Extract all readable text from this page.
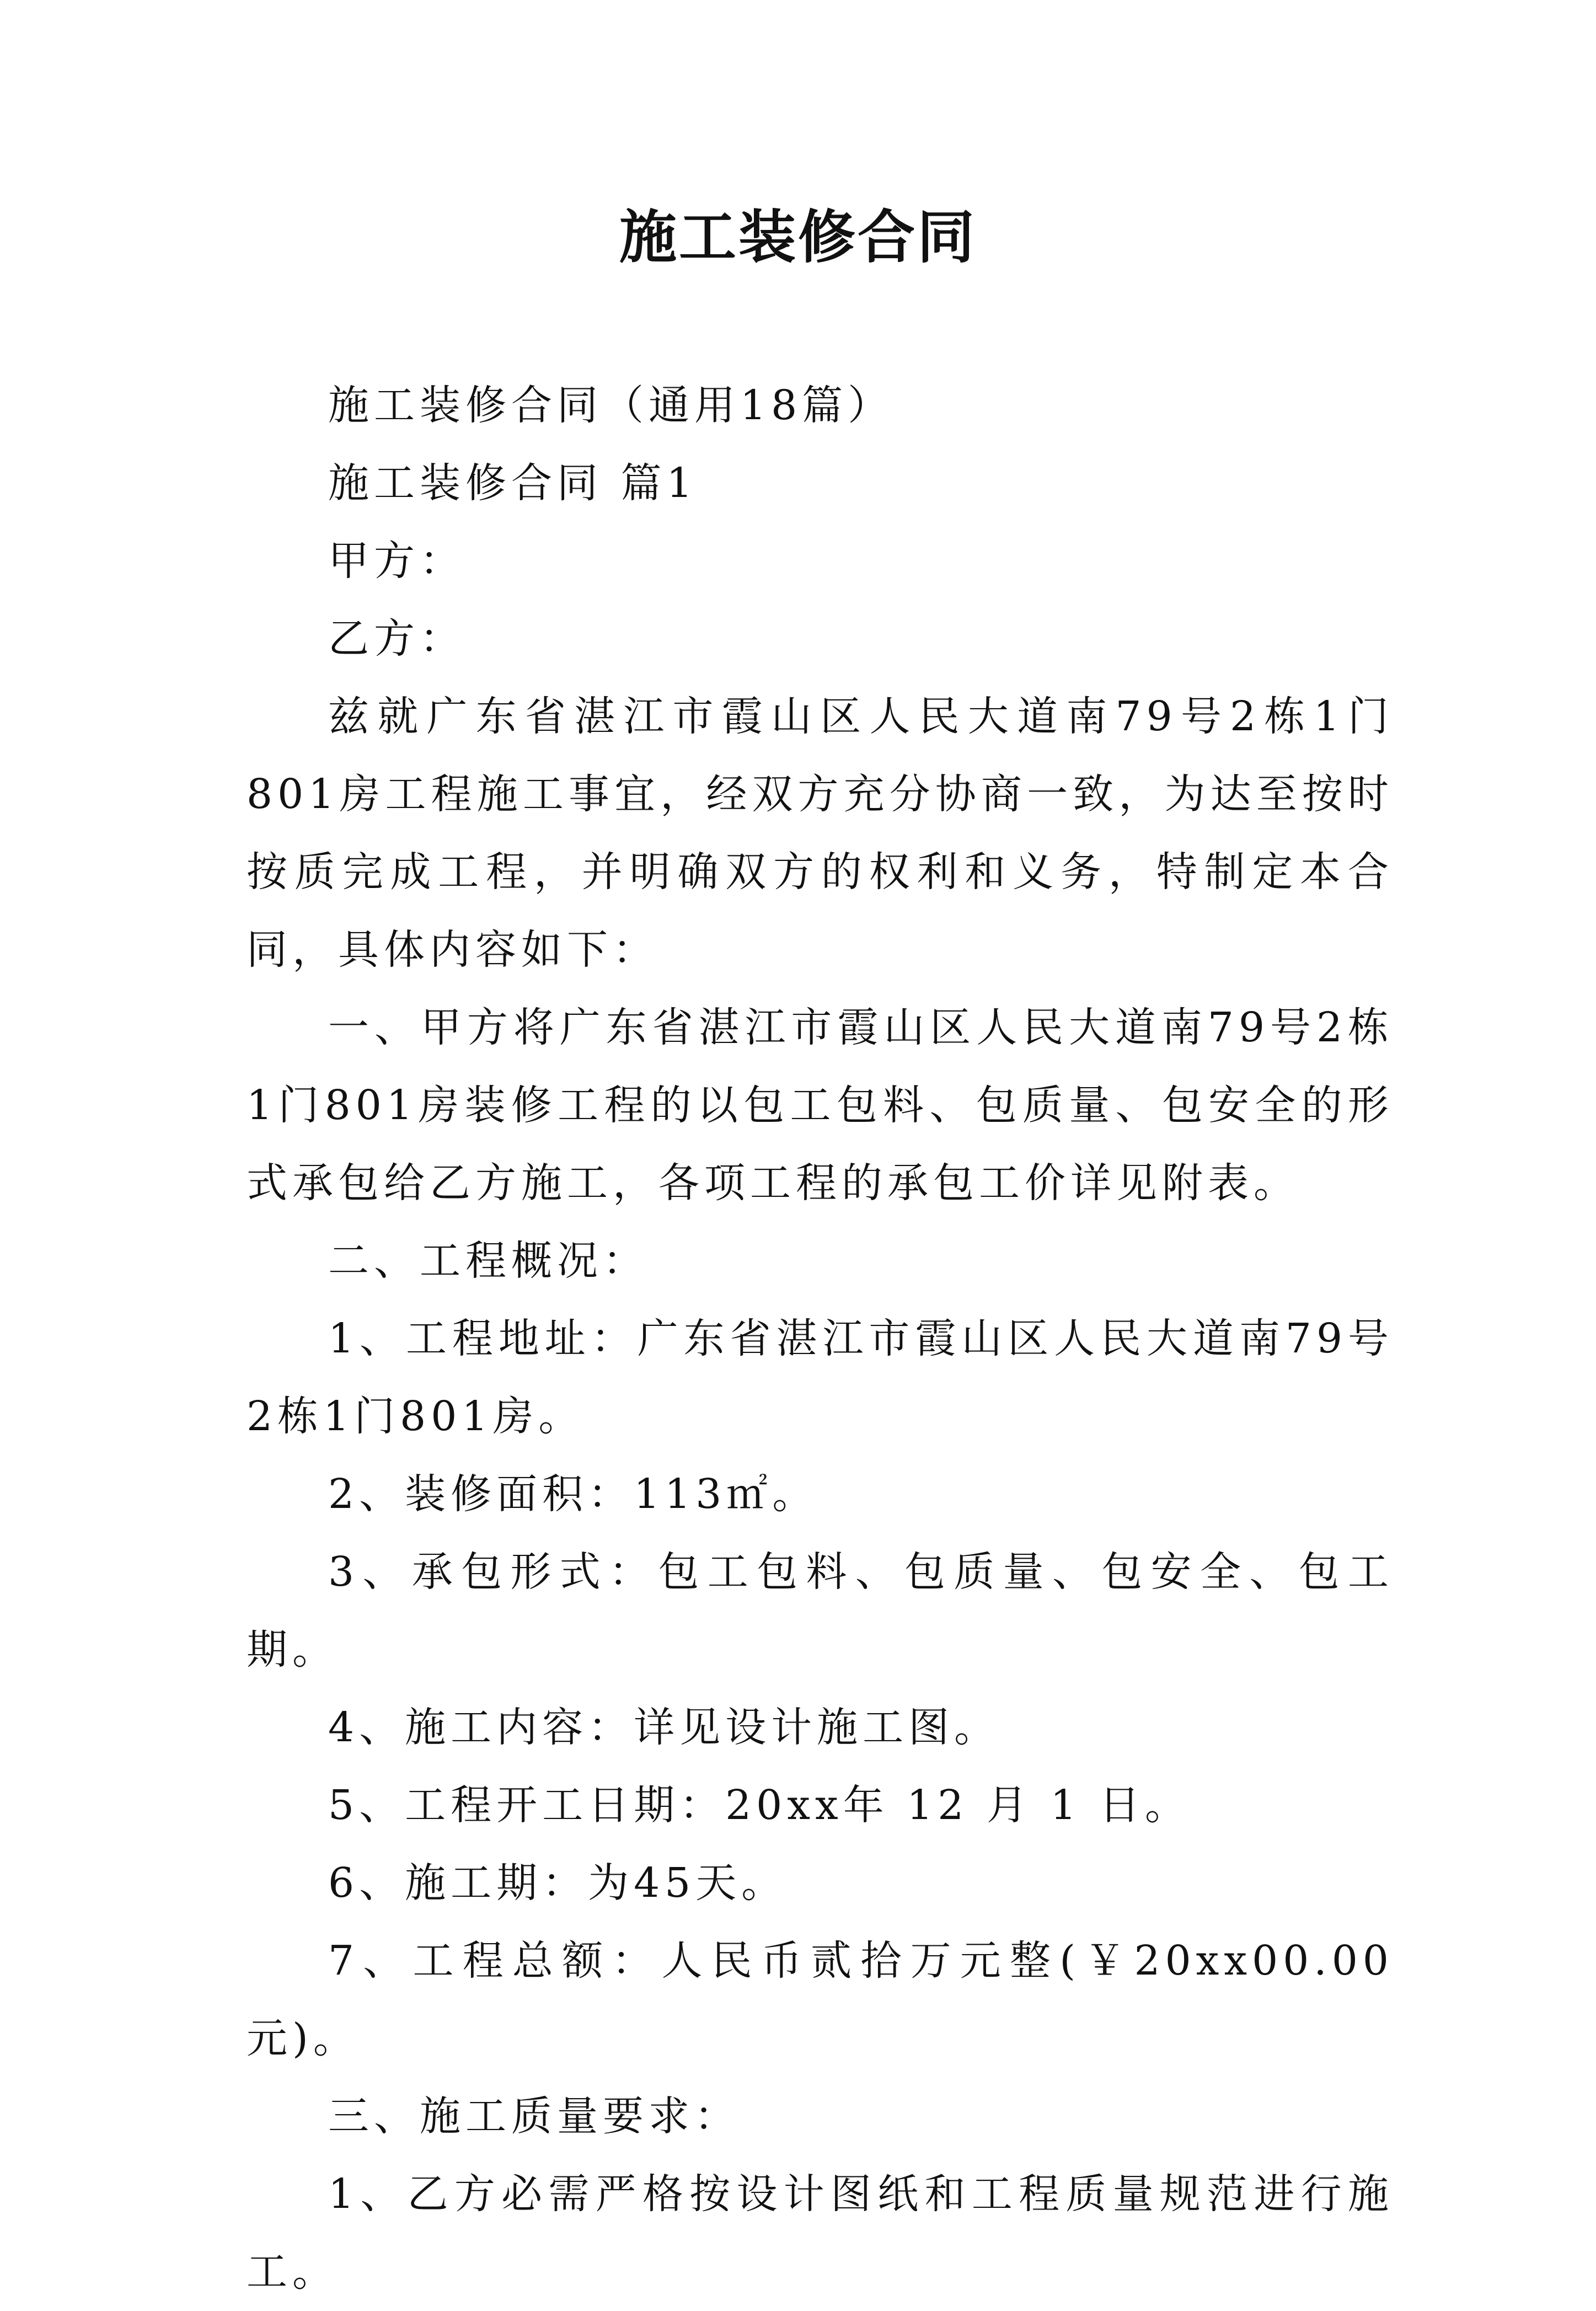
施工装修合同

施工装修合同（通用18篇）

施工装修合同 篇1

甲方：

乙方：

兹就广东省湛江市霞山区人民大道南79号2栋1门801房工程施工事宜，经双方充分协商一致，为达至按时按质完成工程，并明确双方的权利和义务，特制定本合同，具体内容如下：

一、甲方将广东省湛江市霞山区人民大道南79号2栋1门801房装修工程的以包工包料、包质量、包安全的形式承包给乙方施工，各项工程的承包工价详见附表。

二、工程概况：

1、工程地址：广东省湛江市霞山区人民大道南79号2栋1门801房。

2、装修面积：113㎡。

3、承包形式：包工包料、包质量、包安全、包工期。

4、施工内容：详见设计施工图。

5、工程开工日期：20xx年 12 月 1 日。

6、施工期：为45天。

7、工程总额：人民币贰拾万元整(￥20xx00.00元)。

三、施工质量要求：

1、乙方必需严格按设计图纸和工程质量规范进行施工。
